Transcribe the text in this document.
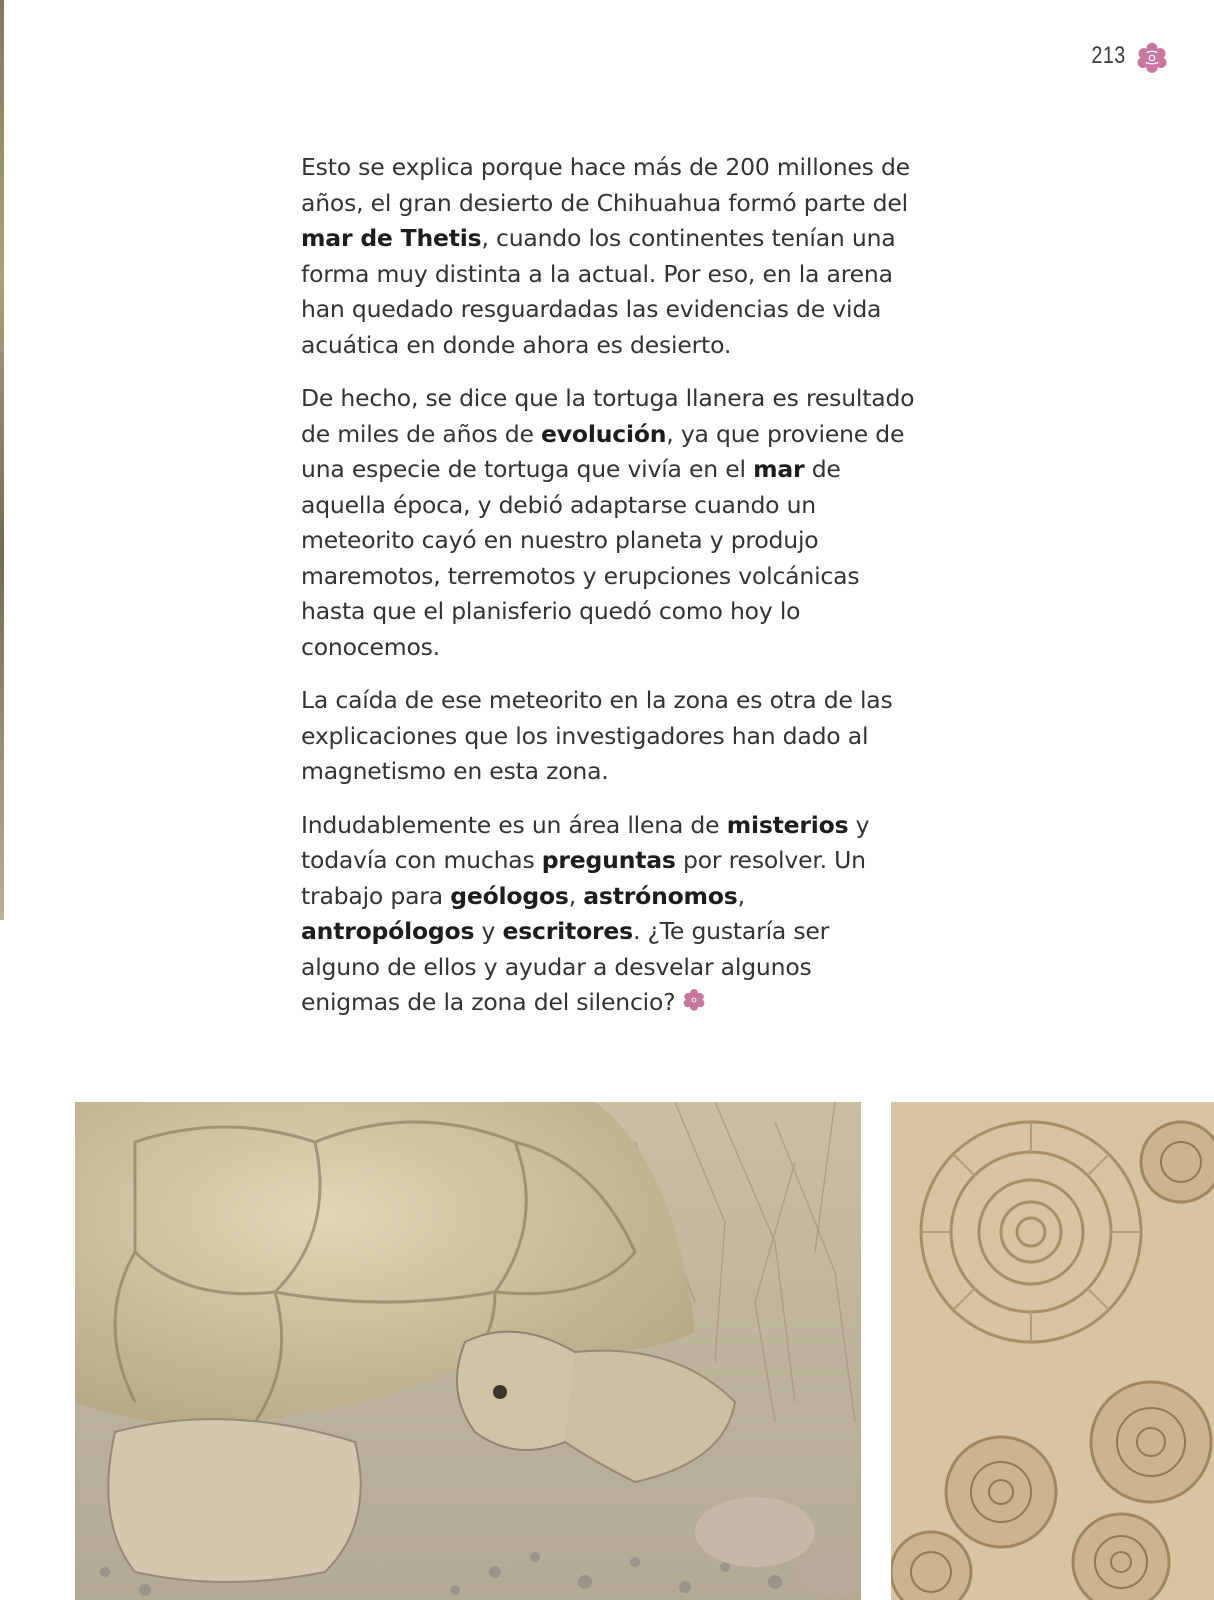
213

Esto se explica porque hace más de 200 millones de años, el gran desierto de Chihuahua formó parte del mar de Thetis, cuando los continentes tenían una forma muy distinta a la actual. Por eso, en la arena han quedado resguardadas las evidencias de vida acuática en donde ahora es desierto.

De hecho, se dice que la tortuga llanera es resultado de miles de años de evolución, ya que proviene de una especie de tortuga que vivía en el mar de aquella época, y debió adaptarse cuando un meteorito cayó en nuestro planeta y produjo maremotos, terremotos y erupciones volcánicas hasta que el planisferio quedó como hoy lo conocemos.

La caída de ese meteorito en la zona es otra de las explicaciones que los investigadores han dado al magnetismo en esta zona.

Indudablemente es un área llena de misterios y todavía con muchas preguntas por resolver. Un trabajo para geólogos, astrónomos, antropólogos y escritores. ¿Te gustaría ser alguno de ellos y ayudar a desvelar algunos enigmas de la zona del silencio?
